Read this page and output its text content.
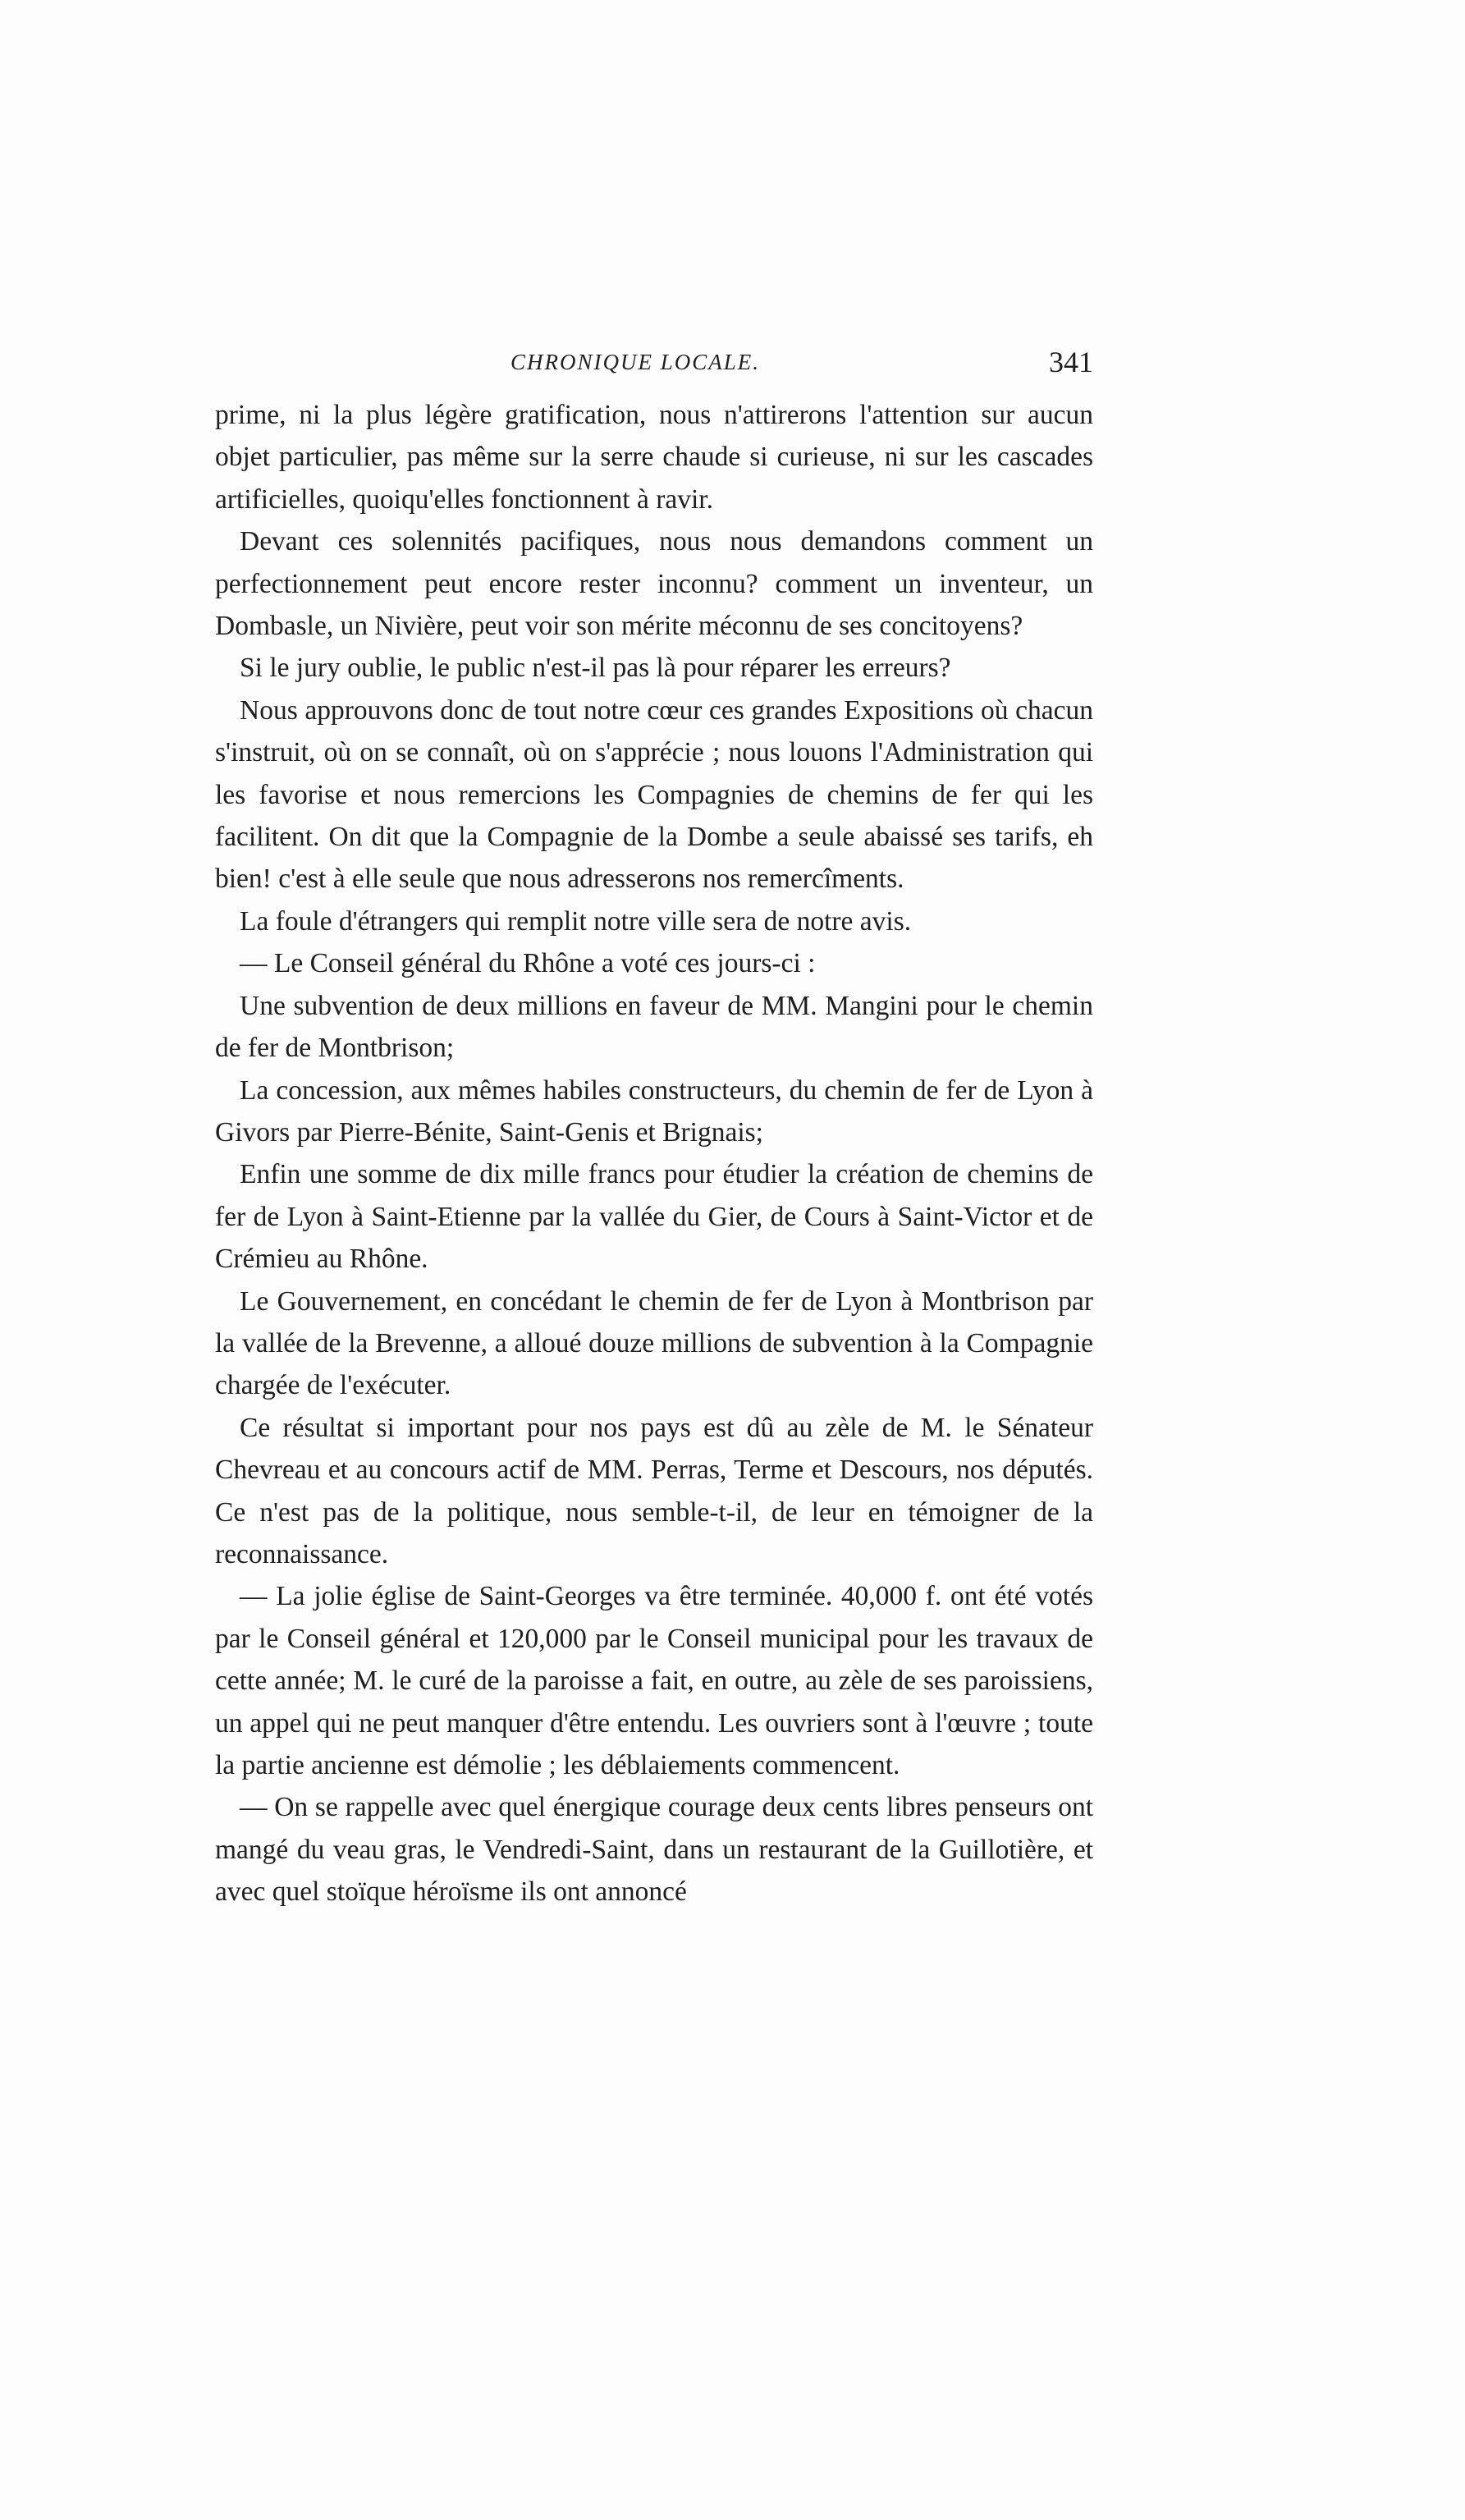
CHRONIQUE LOCALE.	341

prime, ni la plus légère gratification, nous n'attirerons l'attention sur aucun objet particulier, pas même sur la serre chaude si curieuse, ni sur les cascades artificielles, quoiqu'elles fonctionnent à ravir.

Devant ces solennités pacifiques, nous nous demandons comment un perfectionnement peut encore rester inconnu? comment un inventeur, un Dombasle, un Nivière, peut voir son mérite méconnu de ses concitoyens?

Si le jury oublie, le public n'est-il pas là pour réparer les erreurs?

Nous approuvons donc de tout notre cœur ces grandes Expositions où chacun s'instruit, où on se connaît, où on s'apprécie ; nous louons l'Administration qui les favorise et nous remercions les Compagnies de chemins de fer qui les facilitent. On dit que la Compagnie de la Dombe a seule abaissé ses tarifs, eh bien! c'est à elle seule que nous adresserons nos remercîments.

La foule d'étrangers qui remplit notre ville sera de notre avis.

— Le Conseil général du Rhône a voté ces jours-ci :

Une subvention de deux millions en faveur de MM. Mangini pour le chemin de fer de Montbrison;

La concession, aux mêmes habiles constructeurs, du chemin de fer de Lyon à Givors par Pierre-Bénite, Saint-Genis et Brignais;

Enfin une somme de dix mille francs pour étudier la création de chemins de fer de Lyon à Saint-Etienne par la vallée du Gier, de Cours à Saint-Victor et de Crémieu au Rhône.

Le Gouvernement, en concédant le chemin de fer de Lyon à Montbrison par la vallée de la Brevenne, a alloué douze millions de subvention à la Compagnie chargée de l'exécuter.

Ce résultat si important pour nos pays est dû au zèle de M. le Sénateur Chevreau et au concours actif de MM. Perras, Terme et Descours, nos députés. Ce n'est pas de la politique, nous semble-t-il, de leur en témoigner de la reconnaissance.

— La jolie église de Saint-Georges va être terminée. 40,000 f. ont été votés par le Conseil général et 120,000 par le Conseil municipal pour les travaux de cette année; M. le curé de la paroisse a fait, en outre, au zèle de ses paroissiens, un appel qui ne peut manquer d'être entendu. Les ouvriers sont à l'œuvre ; toute la partie ancienne est démolie ; les déblaiements commencent.

— On se rappelle avec quel énergique courage deux cents libres penseurs ont mangé du veau gras, le Vendredi-Saint, dans un restaurant de la Guillotière, et avec quel stoïque héroïsme ils ont annoncé
